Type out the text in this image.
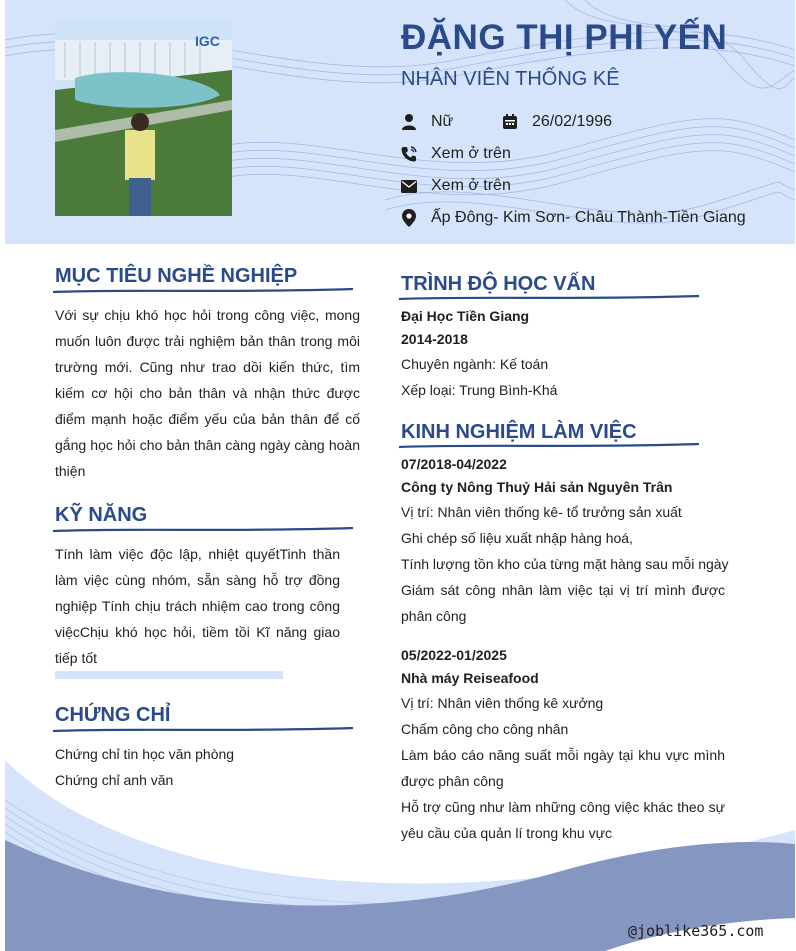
IGC	ĐẶNG THỊ PHI YẾN
NHÂN VIÊN THỐNG KÊ
Nữ	26/02/1996
Xem ở trên
Xem ở trên
Ấp Đông- Kim Sơn- Châu Thành-Tiền Giang
MỤC TIÊU NGHỀ NGHIỆP
Với sự chịu khó học hỏi trong công việc, mong muốn luôn được trải nghiệm bản thân trong môi trường mới. Cũng như trao dồi kiến thức, tìm kiếm cơ hội cho bản thân và nhận thức được điểm mạnh hoặc điểm yếu của bản thân để cố gắng học hỏi cho bản thân càng ngày càng hoàn thiện
KỸ NĂNG
Tính làm việc độc lập, nhiệt quyếtTinh thần làm việc cùng nhóm, sẵn sàng hỗ trợ đồng nghiệp Tính chịu trách nhiệm cao trong công việcChịu khó học hỏi, tiềm tồi Kĩ năng giao tiếp tốt
CHỨNG CHỈ
Chứng chỉ tin học văn phòng
Chứng chỉ anh văn
TRÌNH ĐỘ HỌC VẤN
Đại Học Tiền Giang
2014-2018
Chuyên ngành: Kế toán
Xếp loại: Trung Bình-Khá
KINH NGHIỆM LÀM VIỆC
07/2018-04/2022
Công ty Nông Thuỷ Hải sản Nguyên Trân
Vị trí: Nhân viên thống kê- tổ trưởng sản xuất
Ghi chép số liệu xuất nhập hàng hoá,
Tính lượng tồn kho của từng mặt hàng sau mỗi ngày
Giám sát công nhân làm việc tại vị trí mình được phân công
05/2022-01/2025
Nhà máy Reiseafood
Vị trí: Nhân viên thống kê xưởng
Chấm công cho công nhân
Làm báo cáo năng suất mỗi ngày tại khu vực mình được phân công
Hỗ trợ cũng như làm những công việc khác theo sự yêu cầu của quản lí trong khu vực
@joblike365.com
